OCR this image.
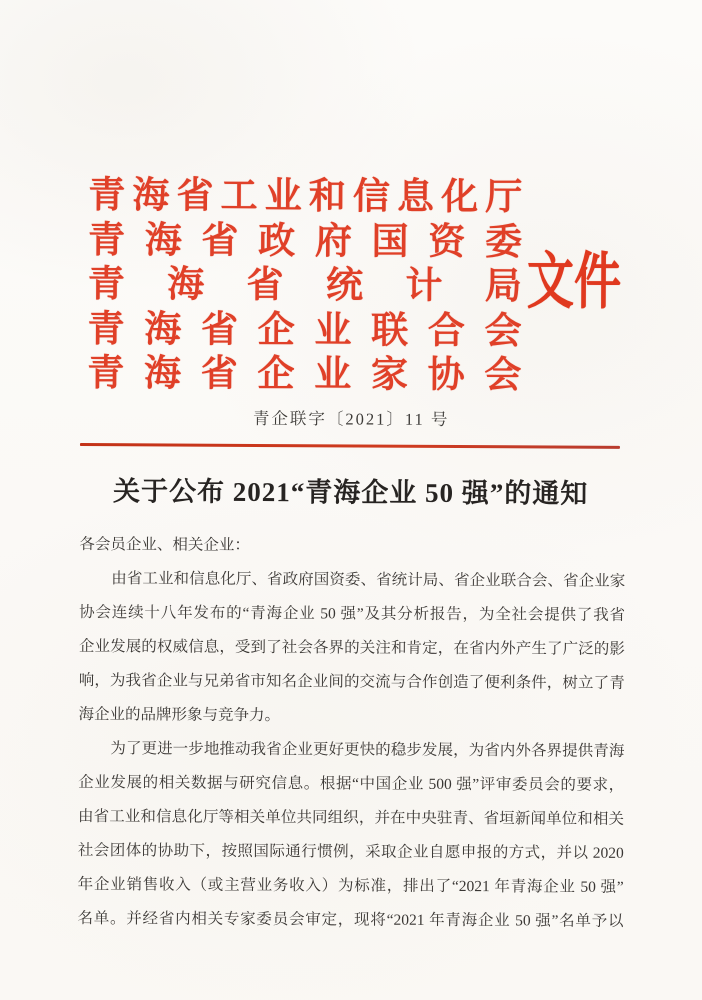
青海省工业和信息化厅
青海省政府国资委
青海省统计局
青海省企业联合会
青海省企业家协会
文件
青企联字〔2021〕11 号
关于公布 2021“青海企业 50 强”的通知
各会员企业、相关企业：
由省工业和信息化厅、省政府国资委、省统计局、省企业联合会、省企业家
协会连续十八年发布的“青海企业 50 强”及其分析报告，为全社会提供了我省
企业发展的权威信息，受到了社会各界的关注和肯定，在省内外产生了广泛的影
响，为我省企业与兄弟省市知名企业间的交流与合作创造了便利条件，树立了青
海企业的品牌形象与竞争力。
为了更进一步地推动我省企业更好更快的稳步发展，为省内外各界提供青海
企业发展的相关数据与研究信息。根据“中国企业 500 强”评审委员会的要求，
由省工业和信息化厅等相关单位共同组织，并在中央驻青、省垣新闻单位和相关
社会团体的协助下，按照国际通行惯例，采取企业自愿申报的方式，并以 2020
年企业销售收入（或主营业务收入）为标准，排出了“2021 年青海企业 50 强”
名单。并经省内相关专家委员会审定，现将“2021 年青海企业 50 强”名单予以
